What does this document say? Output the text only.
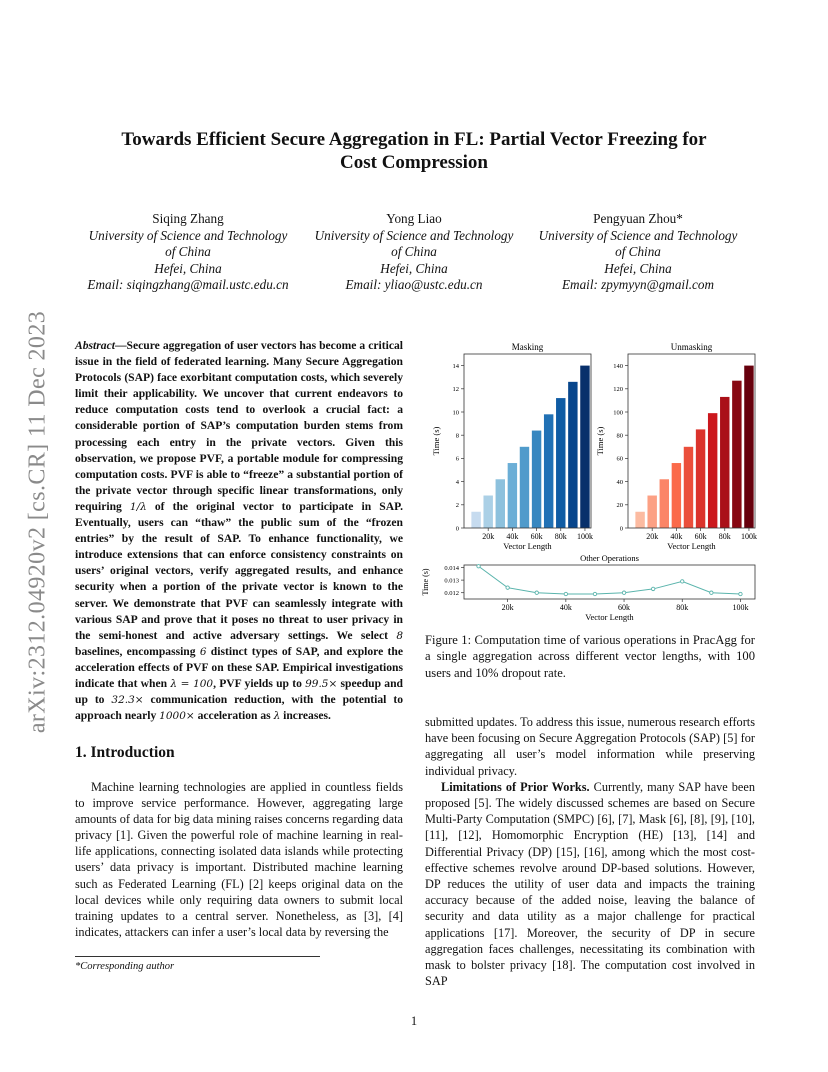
arXiv:2312.04920v2 [cs.CR] 11 Dec 2023
Towards Efficient Secure Aggregation in FL: Partial Vector Freezing for
Cost Compression
Siqing Zhang
University of Science and Technology
of China
Hefei, China
Email: siqingzhang@mail.ustc.edu.cn
Yong Liao
University of Science and Technology
of China
Hefei, China
Email: yliao@ustc.edu.cn
Pengyuan Zhou*
University of Science and Technology
of China
Hefei, China
Email: zpymyyn@gmail.com
Abstract—Secure aggregation of user vectors has become a critical issue in the field of federated learning. Many Secure Aggregation Protocols (SAP) face exorbitant computation costs, which severely limit their applicability. We uncover that current endeavors to reduce computation costs tend to overlook a crucial fact: a considerable portion of SAP’s computation burden stems from processing each entry in the private vectors. Given this observation, we propose PVF, a portable module for compressing computation costs. PVF is able to “freeze” a substantial portion of the private vector through specific linear transformations, only requiring 1/λ of the original vector to participate in SAP. Eventually, users can “thaw” the public sum of the “frozen entries” by the result of SAP. To enhance functionality, we introduce extensions that can enforce consistency constraints on users’ original vectors, verify aggregated results, and enhance security when a portion of the private vector is known to the server. We demonstrate that PVF can seamlessly integrate with various SAP and prove that it poses no threat to user privacy in the semi-honest and active adversary settings. We select 8 baselines, encompassing 6 distinct types of SAP, and explore the acceleration effects of PVF on these SAP. Empirical investigations indicate that when λ = 100, PVF yields up to 99.5× speedup and up to 32.3× communication reduction, with the potential to approach nearly 1000× acceleration as λ increases.
1. Introduction

Machine learning technologies are applied in countless fields to improve service performance. However, aggregating large amounts of data for big data mining raises concerns regarding data privacy [1]. Given the powerful role of machine learning in real-life applications, connecting isolated data islands while protecting users’ data privacy is important. Distributed machine learning such as Federated Learning (FL) [2] keeps original data on the local devices while only requiring data owners to submit local training updates to a central server. Nonetheless, as [3], [4] indicates, attackers can infer a user’s local data by reversing the

*Corresponding author
Masking
0
2
4
6
8
10
12
14
20k 40k 60k 80k 100k
Vector Length
Time (s)
Unmasking
0
20
40
60
80
100
120
140
20k 40k 60k 80k 100k
Vector Length
Time (s)
Other Operations
0.012
0.013
0.014
20k	40k	60k	80k	100k
Vector Length
Time (s)
Figure 1: Computation time of various operations in PracAgg for a single aggregation across different vector lengths, with 100 users and 10% dropout rate.

submitted updates. To address this issue, numerous research efforts have been focusing on Secure Aggregation Protocols (SAP) [5] for aggregating all user’s model information while preserving individual privacy.

Limitations of Prior Works. Currently, many SAP have been proposed [5]. The widely discussed schemes are based on Secure Multi-Party Computation (SMPC) [6], [7], Mask [6], [8], [9], [10], [11], [12], Homomorphic Encryption (HE) [13], [14] and Differential Privacy (DP) [15], [16], among which the most cost-effective schemes revolve around DP-based solutions. However, DP reduces the utility of user data and impacts the training accuracy because of the added noise, leaving the balance of security and data utility as a major challenge for practical applications [17]. Moreover, the security of DP in secure aggregation faces challenges, necessitating its combination with mask to bolster privacy [18]. The computation cost involved in SAP

1
